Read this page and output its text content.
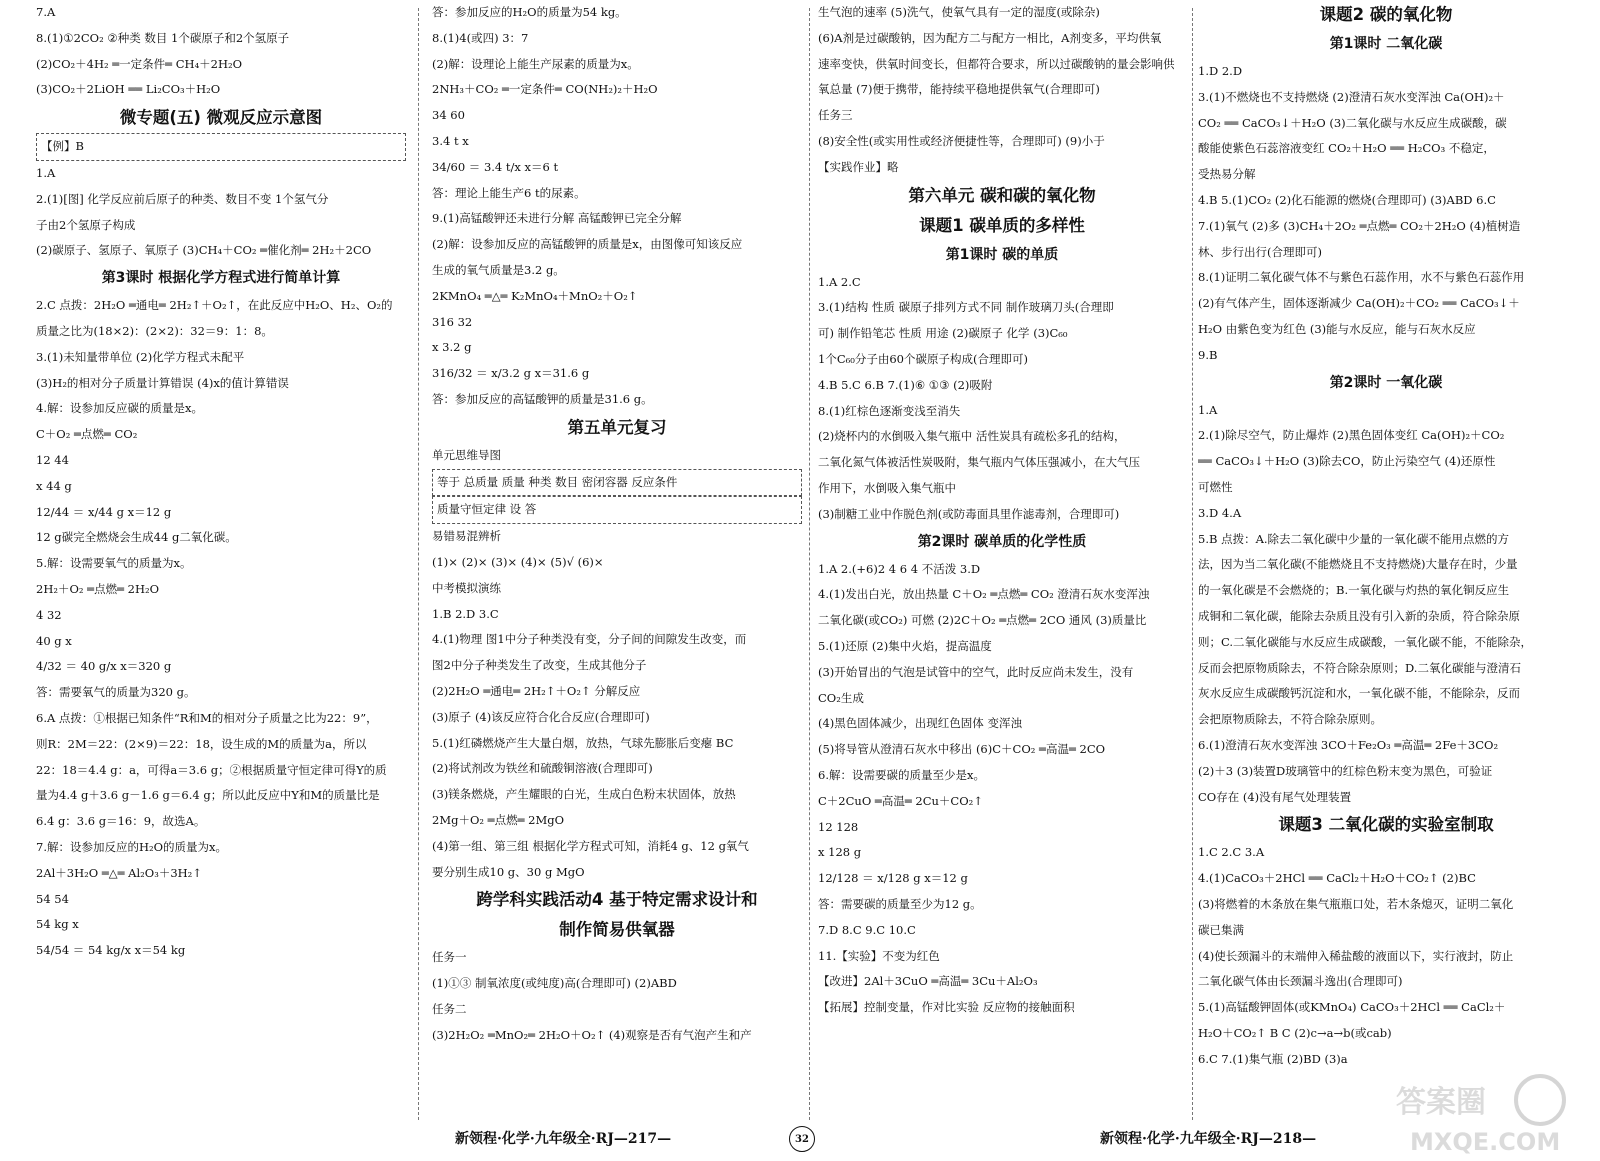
7.A
8.(1)①2CO₂ ②种类 数目 1个碳原子和2个氢原子
(2)CO₂＋4H₂ ═一定条件═ CH₄＋2H₂O
(3)CO₂＋2LiOH ══ Li₂CO₃＋H₂O
微专题(五) 微观反应示意图
【例】B
1.A
2.(1)[图] 化学反应前后原子的种类、数目不变 1个氢气分
子由2个氢原子构成
(2)碳原子、氢原子、氧原子 (3)CH₄＋CO₂ ═催化剂═ 2H₂＋2CO
第3课时 根据化学方程式进行简单计算
2.C 点拨：2H₂O ═通电═ 2H₂↑＋O₂↑，在此反应中H₂O、H₂、O₂的
质量之比为(18×2)：(2×2)：32＝9：1：8。
3.(1)未知量带单位 (2)化学方程式未配平
(3)H₂的相对分子质量计算错误 (4)x的值计算错误
4.解：设参加反应碳的质量是x。
C＋O₂ ═点燃═ CO₂
12 44
x 44 g
12/44 ＝ x/44 g x＝12 g
12 g碳完全燃烧会生成44 g二氧化碳。
5.解：设需要氧气的质量为x。
2H₂＋O₂ ═点燃═ 2H₂O
4 32
40 g x
4/32 ＝ 40 g/x x＝320 g
答：需要氧气的质量为320 g。
6.A 点拨：①根据已知条件“R和M的相对分子质量之比为22：9”，
则R：2M＝22：(2×9)＝22：18，设生成的M的质量为a，所以
22：18＝4.4 g：a，可得a＝3.6 g；②根据质量守恒定律可得Y的质
量为4.4 g＋3.6 g－1.6 g＝6.4 g；所以此反应中Y和M的质量比是
6.4 g：3.6 g＝16：9，故选A。
7.解：设参加反应的H₂O的质量为x。
2Al＋3H₂O ═△═ Al₂O₃＋3H₂↑
54 54
54 kg x
54/54 ＝ 54 kg/x x＝54 kg
答：参加反应的H₂O的质量为54 kg。
8.(1)4(或四) 3：7
(2)解：设理论上能生产尿素的质量为x。
2NH₃＋CO₂ ═一定条件═ CO(NH₂)₂＋H₂O
34 60
3.4 t x
34/60 ＝ 3.4 t/x x＝6 t
答：理论上能生产6 t的尿素。
9.(1)高锰酸钾还未进行分解 高锰酸钾已完全分解
(2)解：设参加反应的高锰酸钾的质量是x，由图像可知该反应
生成的氧气质量是3.2 g。
2KMnO₄ ═△═ K₂MnO₄＋MnO₂＋O₂↑
316 32
x 3.2 g
316/32 ＝ x/3.2 g x＝31.6 g
答：参加反应的高锰酸钾的质量是31.6 g。
第五单元复习
单元思维导图
等于 总质量 质量 种类 数目 密闭容器 反应条件
质量守恒定律 设 答
易错易混辨析
(1)× (2)× (3)× (4)× (5)√ (6)×
中考模拟演练
1.B 2.D 3.C
4.(1)物理 图1中分子种类没有变，分子间的间隙发生改变，而
图2中分子种类发生了改变，生成其他分子
(2)2H₂O ═通电═ 2H₂↑＋O₂↑ 分解反应
(3)原子 (4)该反应符合化合反应(合理即可)
5.(1)红磷燃烧产生大量白烟，放热，气球先膨胀后变瘪 BC
(2)将试剂改为铁丝和硫酸铜溶液(合理即可)
(3)镁条燃烧，产生耀眼的白光，生成白色粉末状固体，放热
2Mg＋O₂ ═点燃═ 2MgO
(4)第一组、第三组 根据化学方程式可知，消耗4 g、12 g氧气
要分别生成10 g、30 g MgO
跨学科实践活动4 基于特定需求设计和
制作简易供氧器
任务一
(1)①③ 制氧浓度(或纯度)高(合理即可) (2)ABD
任务二
(3)2H₂O₂ ═MnO₂═ 2H₂O＋O₂↑ (4)观察是否有气泡产生和产
生气泡的速率 (5)洗气，使氧气具有一定的湿度(或除杂)
(6)A剂是过碳酸钠，因为配方二与配方一相比，A剂变多，平均供氧
速率变快，供氧时间变长，但都符合要求，所以过碳酸钠的量会影响供
氧总量 (7)便于携带，能持续平稳地提供氧气(合理即可)
任务三
(8)安全性(或实用性或经济便捷性等，合理即可) (9)小于
【实践作业】略
第六单元 碳和碳的氧化物
课题1 碳单质的多样性
第1课时 碳的单质
1.A 2.C
3.(1)结构 性质 碳原子排列方式不同 制作玻璃刀头(合理即
可) 制作铅笔芯 性质 用途 (2)碳原子 化学 (3)C₆₀
1个C₆₀分子由60个碳原子构成(合理即可)
4.B 5.C 6.B 7.(1)⑥ ①③ (2)吸附
8.(1)红棕色逐渐变浅至消失
(2)烧杯内的水倒吸入集气瓶中 活性炭具有疏松多孔的结构，
二氧化氮气体被活性炭吸附，集气瓶内气体压强减小，在大气压
作用下，水倒吸入集气瓶中
(3)制糖工业中作脱色剂(或防毒面具里作滤毒剂，合理即可)
第2课时 碳单质的化学性质
1.A 2.(+6)2 4 6 4 不活泼 3.D
4.(1)发出白光，放出热量 C＋O₂ ═点燃═ CO₂ 澄清石灰水变浑浊
二氧化碳(或CO₂) 可燃 (2)2C＋O₂ ═点燃═ 2CO 通风 (3)质量比
5.(1)还原 (2)集中火焰，提高温度
(3)开始冒出的气泡是试管中的空气，此时反应尚未发生，没有
CO₂生成
(4)黑色固体减少，出现红色固体 变浑浊
(5)将导管从澄清石灰水中移出 (6)C＋CO₂ ═高温═ 2CO
6.解：设需要碳的质量至少是x。
C＋2CuO ═高温═ 2Cu＋CO₂↑
12 128
x 128 g
12/128 ＝ x/128 g x＝12 g
答：需要碳的质量至少为12 g。
7.D 8.C 9.C 10.C
11.【实验】不变为红色
【改进】2Al＋3CuO ═高温═ 3Cu＋Al₂O₃
【拓展】控制变量，作对比实验 反应物的接触面积
课题2 碳的氧化物
第1课时 二氧化碳
1.D 2.D
3.(1)不燃烧也不支持燃烧 (2)澄清石灰水变浑浊 Ca(OH)₂＋
CO₂ ══ CaCO₃↓＋H₂O (3)二氧化碳与水反应生成碳酸，碳
酸能使紫色石蕊溶液变红 CO₂＋H₂O ══ H₂CO₃ 不稳定，
受热易分解
4.B 5.(1)CO₂ (2)化石能源的燃烧(合理即可) (3)ABD 6.C
7.(1)氧气 (2)多 (3)CH₄＋2O₂ ═点燃═ CO₂＋2H₂O (4)植树造
林、步行出行(合理即可)
8.(1)证明二氧化碳气体不与紫色石蕊作用，水不与紫色石蕊作用
(2)有气体产生，固体逐渐减少 Ca(OH)₂＋CO₂ ══ CaCO₃↓＋
H₂O 由紫色变为红色 (3)能与水反应，能与石灰水反应
9.B
第2课时 一氧化碳
1.A
2.(1)除尽空气，防止爆炸 (2)黑色固体变红 Ca(OH)₂＋CO₂
══ CaCO₃↓＋H₂O (3)除去CO，防止污染空气 (4)还原性
可燃性
3.D 4.A
5.B 点拨：A.除去二氧化碳中少量的一氧化碳不能用点燃的方
法，因为当二氧化碳(不能燃烧且不支持燃烧)大量存在时，少量
的一氧化碳是不会燃烧的；B.一氧化碳与灼热的氧化铜反应生
成铜和二氧化碳，能除去杂质且没有引入新的杂质，符合除杂原
则；C.二氧化碳能与水反应生成碳酸，一氧化碳不能，不能除杂，
反而会把原物质除去，不符合除杂原则；D.二氧化碳能与澄清石
灰水反应生成碳酸钙沉淀和水，一氧化碳不能，不能除杂，反而
会把原物质除去，不符合除杂原则。
6.(1)澄清石灰水变浑浊 3CO＋Fe₂O₃ ═高温═ 2Fe＋3CO₂
(2)＋3 (3)装置D玻璃管中的红棕色粉末变为黑色，可验证
CO存在 (4)没有尾气处理装置
课题3 二氧化碳的实验室制取
1.C 2.C 3.A
4.(1)CaCO₃＋2HCl ══ CaCl₂＋H₂O＋CO₂↑ (2)BC
(3)将燃着的木条放在集气瓶瓶口处，若木条熄灭，证明二氧化
碳已集满
(4)使长颈漏斗的末端伸入稀盐酸的液面以下，实行液封，防止
二氧化碳气体由长颈漏斗逸出(合理即可)
5.(1)高锰酸钾固体(或KMnO₄) CaCO₃＋2HCl ══ CaCl₂＋
H₂O＋CO₂↑ B C (2)c→a→b(或cab)
6.C 7.(1)集气瓶 (2)BD (3)a
新领程·化学·九年级全·RJ—217—	32	新领程·化学·九年级全·RJ—218—
答案圈
MXQE.COM
